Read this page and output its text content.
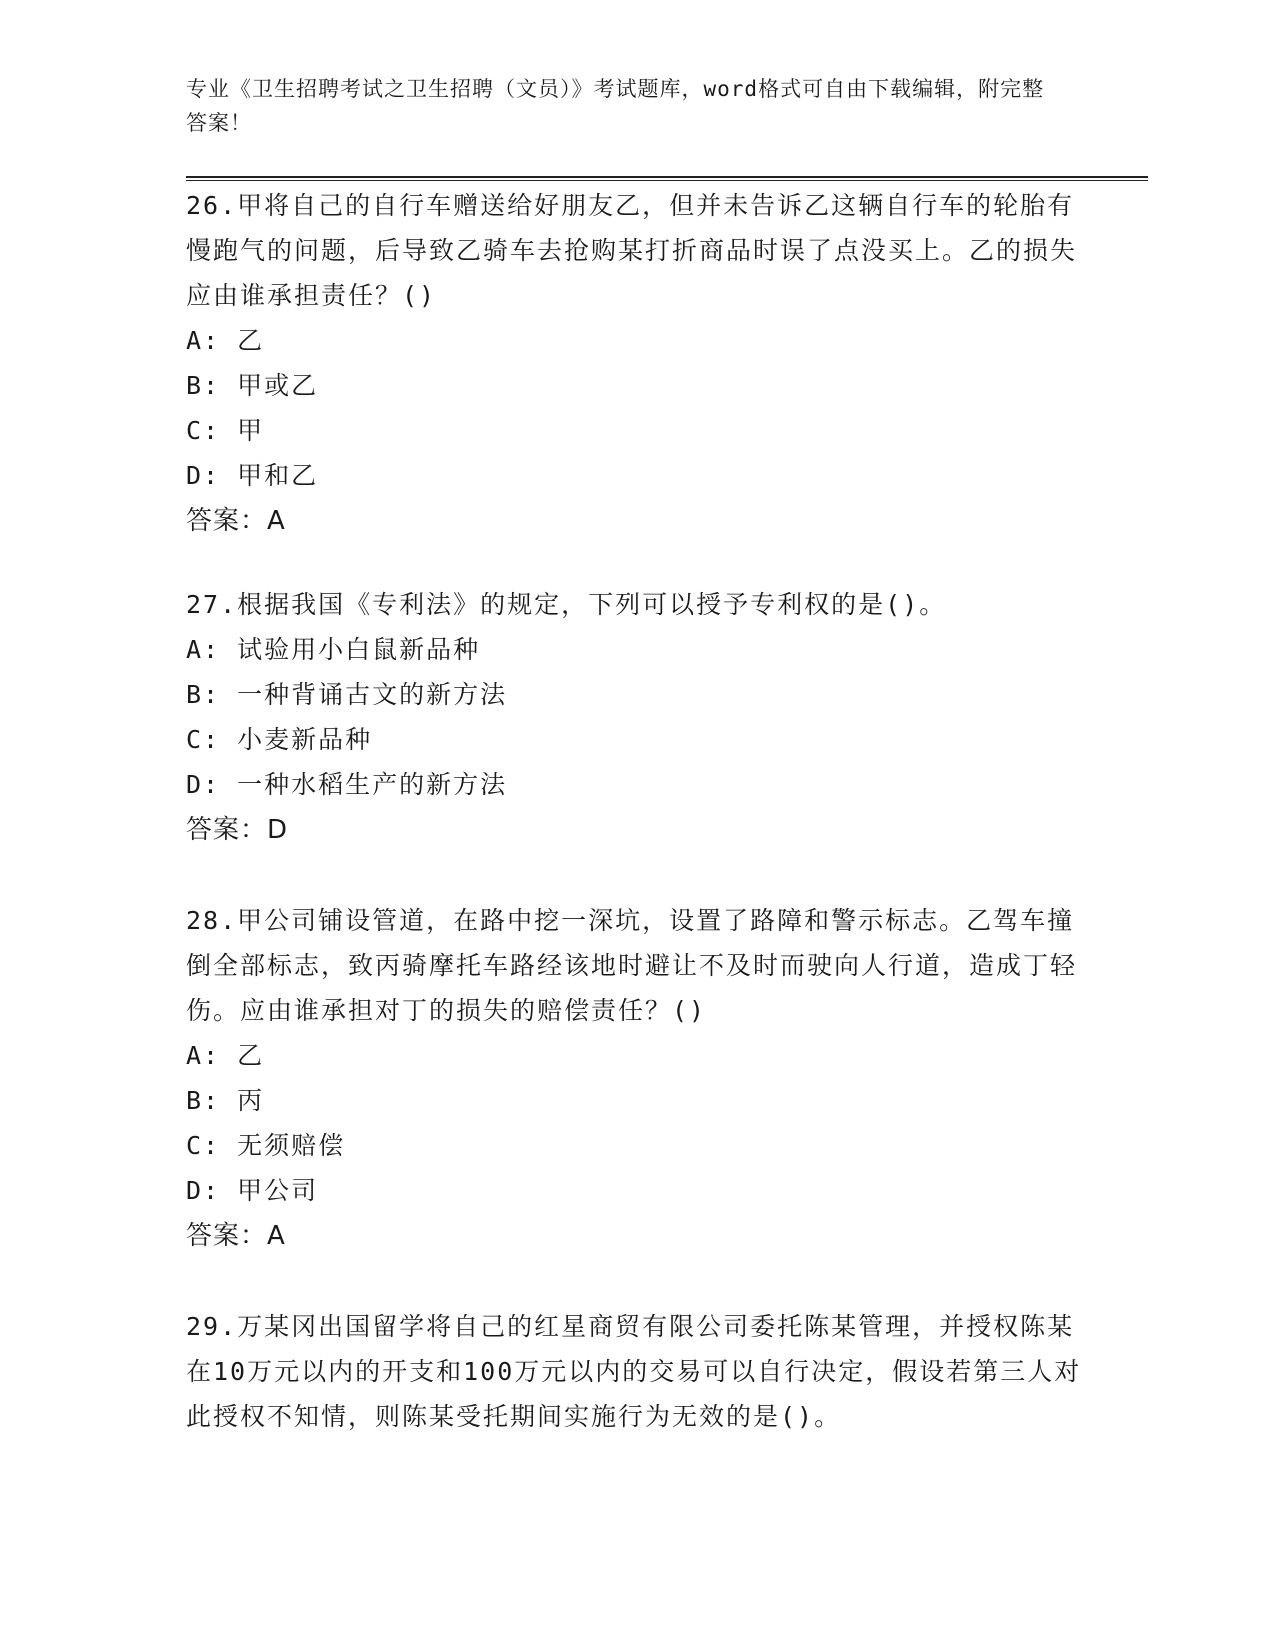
专业《卫生招聘考试之卫生招聘（文员）》考试题库，word格式可自由下载编辑，附完整答案！

26.甲将自己的自行车赠送给好朋友乙，但并未告诉乙这辆自行车的轮胎有慢跑气的问题，后导致乙骑车去抢购某打折商品时误了点没买上。乙的损失应由谁承担责任？()

A: 乙
B: 甲或乙
C: 甲
D: 甲和乙

答案：A

27.根据我国《专利法》的规定，下列可以授予专利权的是()。

A: 试验用小白鼠新品种
B: 一种背诵古文的新方法
C: 小麦新品种
D: 一种水稻生产的新方法

答案：D

28.甲公司铺设管道，在路中挖一深坑，设置了路障和警示标志。乙驾车撞倒全部标志，致丙骑摩托车路经该地时避让不及时而驶向人行道，造成丁轻伤。应由谁承担对丁的损失的赔偿责任？()

A: 乙
B: 丙
C: 无须赔偿
D: 甲公司

答案：A

29.万某冈出国留学将自己的红星商贸有限公司委托陈某管理，并授权陈某在10万元以内的开支和100万元以内的交易可以自行决定，假设若第三人对此授权不知情，则陈某受托期间实施行为无效的是()。
